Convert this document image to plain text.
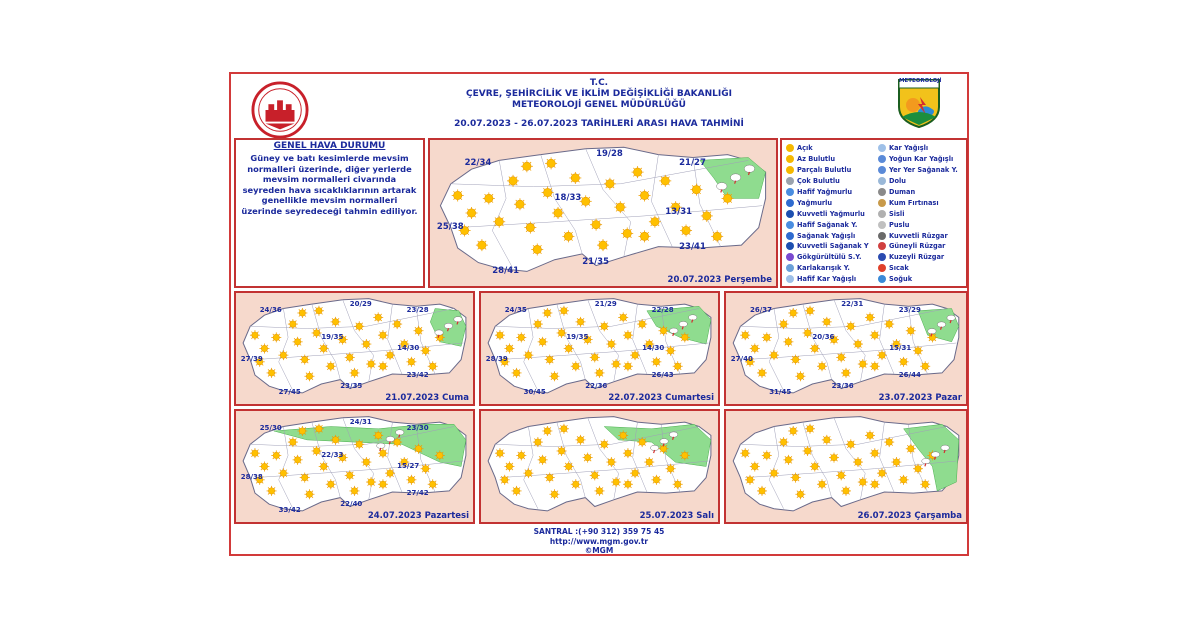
T.C.
ÇEVRE, ŞEHİRCİLİK VE İKLİM DEĞİŞİKLİĞİ BAKANLIĞI
METEOROLOJİ GENEL MÜDÜRLÜĞÜ
20.07.2023 - 26.07.2023 TARİHLERİ ARASI HAVA TAHMİNİ
METEOROLOJİ
GENEL HAVA DURUMU
Güney ve batı kesimlerde mevsim normalleri üzerinde, diğer yerlerde mevsim normalleri civarında seyreden hava sıcaklıklarının artarak genellikle mevsim normalleri üzerinde seyredeceği tahmin ediliyor.
22/34
19/28
21/27
18/33
13/31
25/38
23/41
21/35
28/41
20.07.2023 Perşembe
Açık
Az Bulutlu
Parçalı Bulutlu
Çok Bulutlu
Hafif Yağmurlu
Yağmurlu
Kuvvetli Yağmurlu
Hafif Sağanak Y.
Sağanak Yağışlı
Kuvvetli Sağanak Y
Gökgürültülü S.Y.
Karlakarışık Y.
Hafif Kar Yağışlı
Kar Yağışlı
Yoğun Kar Yağışlı
Yer Yer Sağanak Y.
Dolu
Duman
Kum Fırtınası
Sisli
Puslu
Kuvvetli Rüzgar
Güneyli Rüzgar
Kuzeyli Rüzgar
Sıcak
Soğuk
24/36
20/29
23/28
19/35
14/30
27/39
23/42
23/35
27/45
21.07.2023 Cuma
24/35
21/29
22/28
19/35
14/30
28/39
26/43
22/36
30/45
22.07.2023 Cumartesi
26/37
22/31
23/29
20/36
15/31
27/40
26/44
23/36
31/45
23.07.2023 Pazar
25/30
24/31
23/30
22/33
15/27
28/38
27/42
22/40
33/42
24.07.2023 Pazartesi	25.07.2023 Salı	26.07.2023 Çarşamba
SANTRAL :(+90 312) 359 75 45
http://www.mgm.gov.tr
©MGM
